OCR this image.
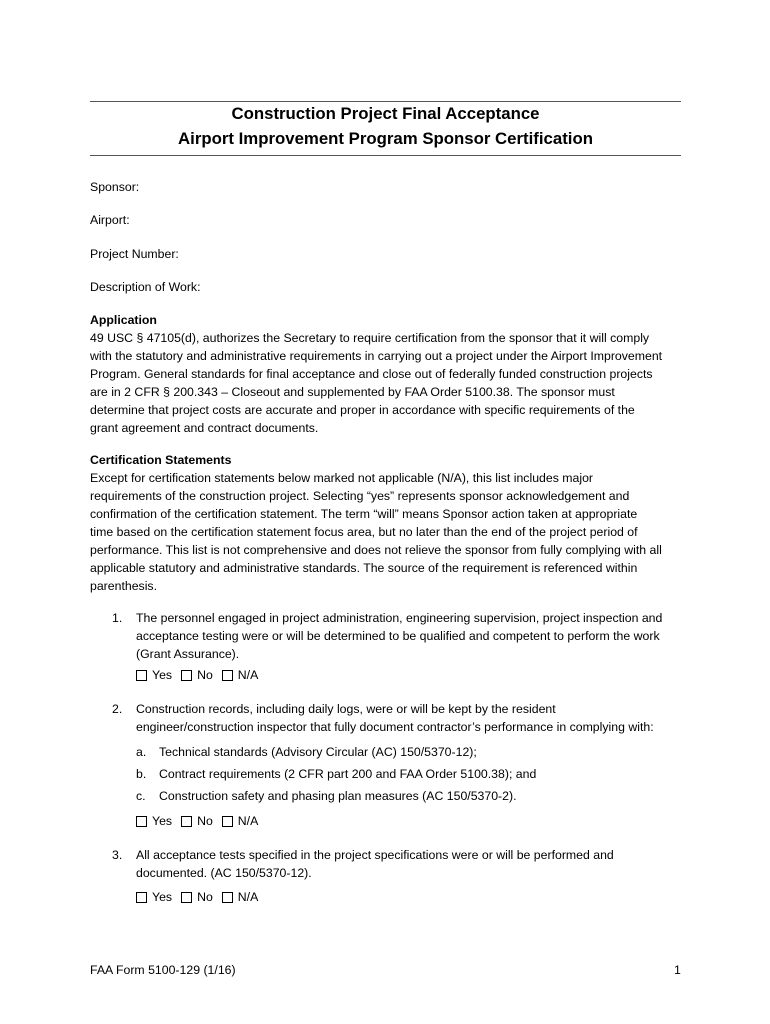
Construction Project Final Acceptance
Airport Improvement Program Sponsor Certification
Sponsor:
Airport:
Project Number:
Description of Work:
Application
49 USC § 47105(d), authorizes the Secretary to require certification from the sponsor that it will comply
with the statutory and administrative requirements in carrying out a project under the Airport Improvement
Program. General standards for final acceptance and close out of federally funded construction projects
are in 2 CFR § 200.343 – Closeout and supplemented by FAA Order 5100.38. The sponsor must
determine that project costs are accurate and proper in accordance with specific requirements of the
grant agreement and contract documents.
Certification Statements
Except for certification statements below marked not applicable (N/A), this list includes major
requirements of the construction project. Selecting “yes” represents sponsor acknowledgement and
confirmation of the certification statement. The term “will” means Sponsor action taken at appropriate
time based on the certification statement focus area, but no later than the end of the project period of
performance. This list is not comprehensive and does not relieve the sponsor from fully complying with all
applicable statutory and administrative standards. The source of the requirement is referenced within
parenthesis.
1. The personnel engaged in project administration, engineering supervision, project inspection and
acceptance testing were or will be determined to be qualified and competent to perform the work
(Grant Assurance).
Yes No N/A
2. Construction records, including daily logs, were or will be kept by the resident
engineer/construction inspector that fully document contractor’s performance in complying with:
a. Technical standards (Advisory Circular (AC) 150/5370-12);
b. Contract requirements (2 CFR part 200 and FAA Order 5100.38); and
c. Construction safety and phasing plan measures (AC 150/5370-2).
Yes No N/A
3. All acceptance tests specified in the project specifications were or will be performed and
documented. (AC 150/5370-12).
Yes No N/A
FAA Form 5100-129 (1/16)	1
